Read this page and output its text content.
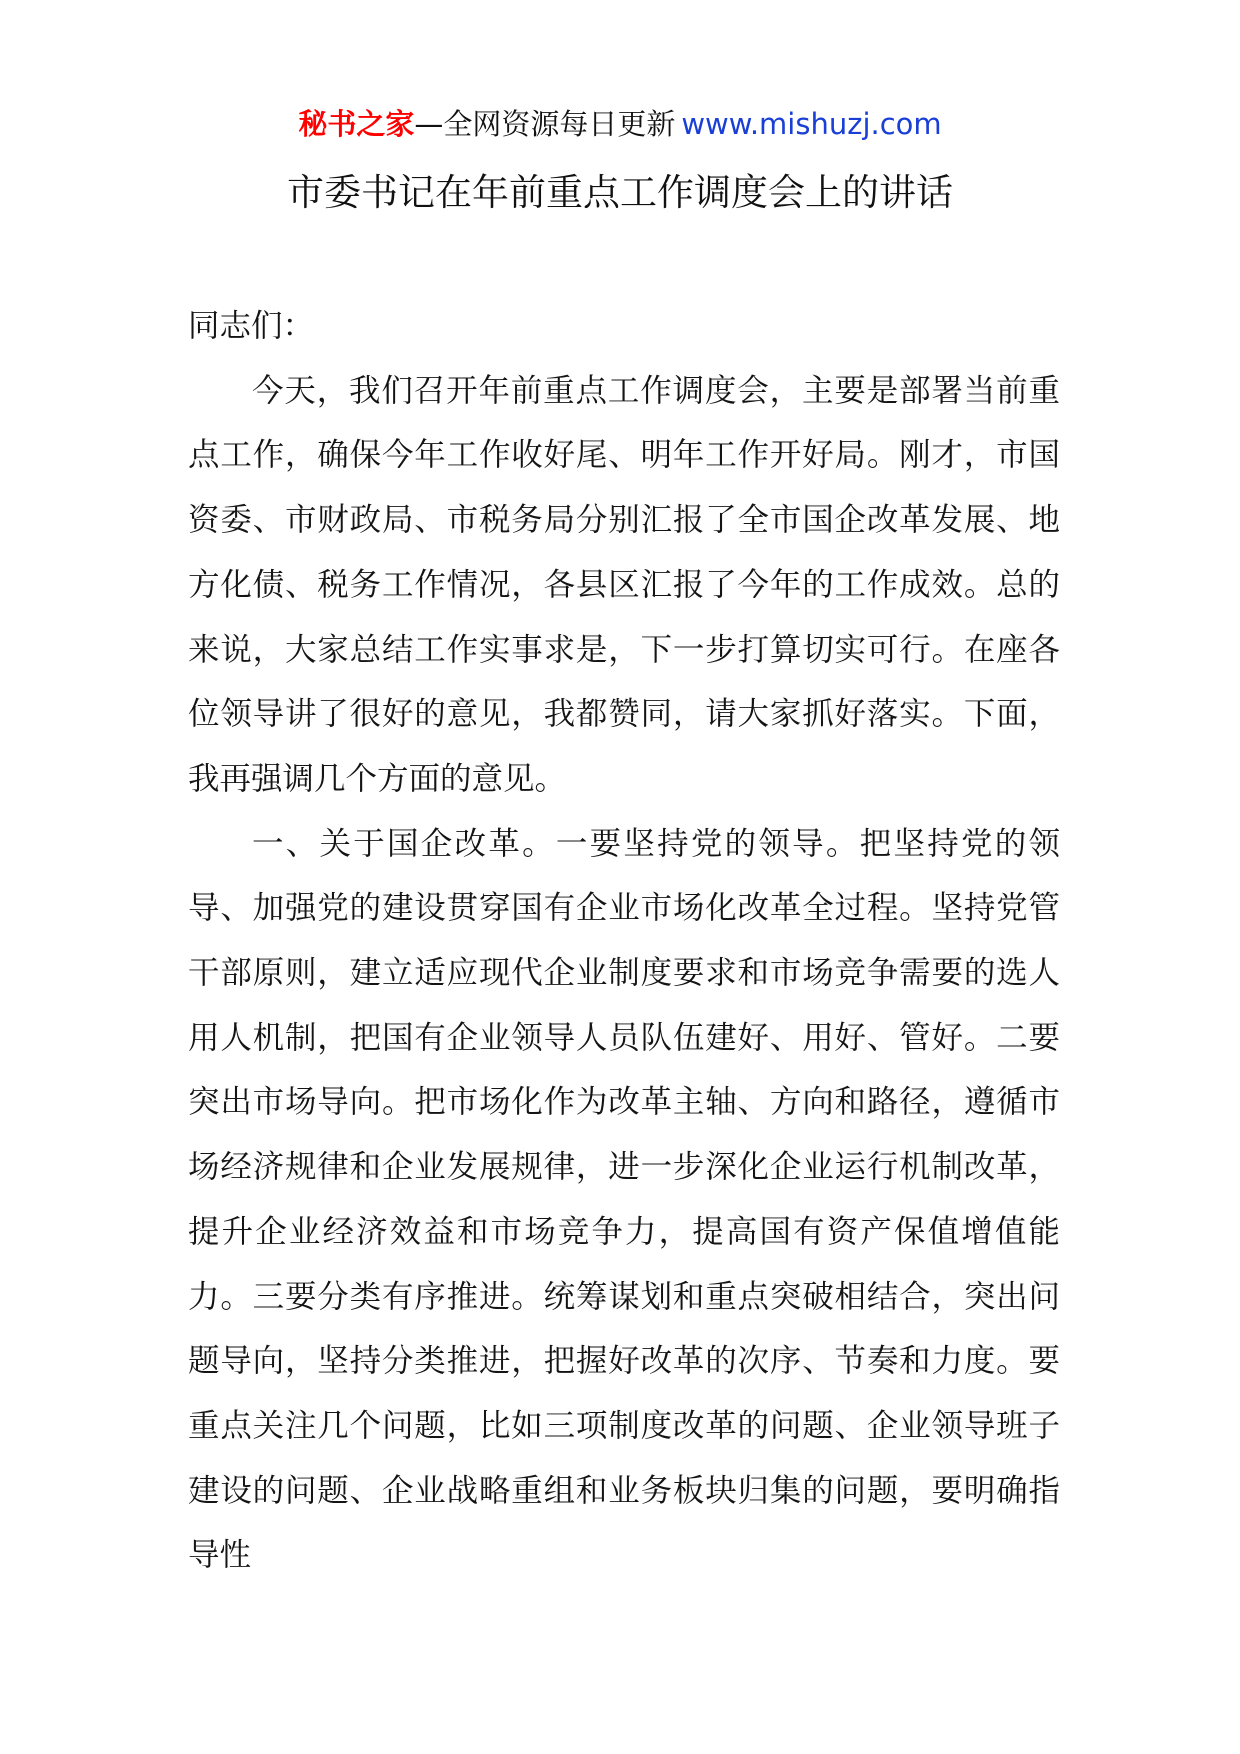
秘书之家—全网资源每日更新 www.mishuzj.com
市委书记在年前重点工作调度会上的讲话

同志们：

今天，我们召开年前重点工作调度会，主要是部署当前重点工作，确保今年工作收好尾、明年工作开好局。刚才，市国资委、市财政局、市税务局分别汇报了全市国企改革发展、地方化债、税务工作情况，各县区汇报了今年的工作成效。总的来说，大家总结工作实事求是，下一步打算切实可行。在座各位领导讲了很好的意见，我都赞同，请大家抓好落实。下面，我再强调几个方面的意见。

一、关于国企改革。一要坚持党的领导。把坚持党的领导、加强党的建设贯穿国有企业市场化改革全过程。坚持党管干部原则，建立适应现代企业制度要求和市场竞争需要的选人用人机制，把国有企业领导人员队伍建好、用好、管好。二要突出市场导向。把市场化作为改革主轴、方向和路径，遵循市场经济规律和企业发展规律，进一步深化企业运行机制改革，提升企业经济效益和市场竞争力，提高国有资产保值增值能力。三要分类有序推进。统筹谋划和重点突破相结合，突出问题导向，坚持分类推进，把握好改革的次序、节奏和力度。要重点关注几个问题，比如三项制度改革的问题、企业领导班子建设的问题、企业战略重组和业务板块归集的问题，要明确指导性
